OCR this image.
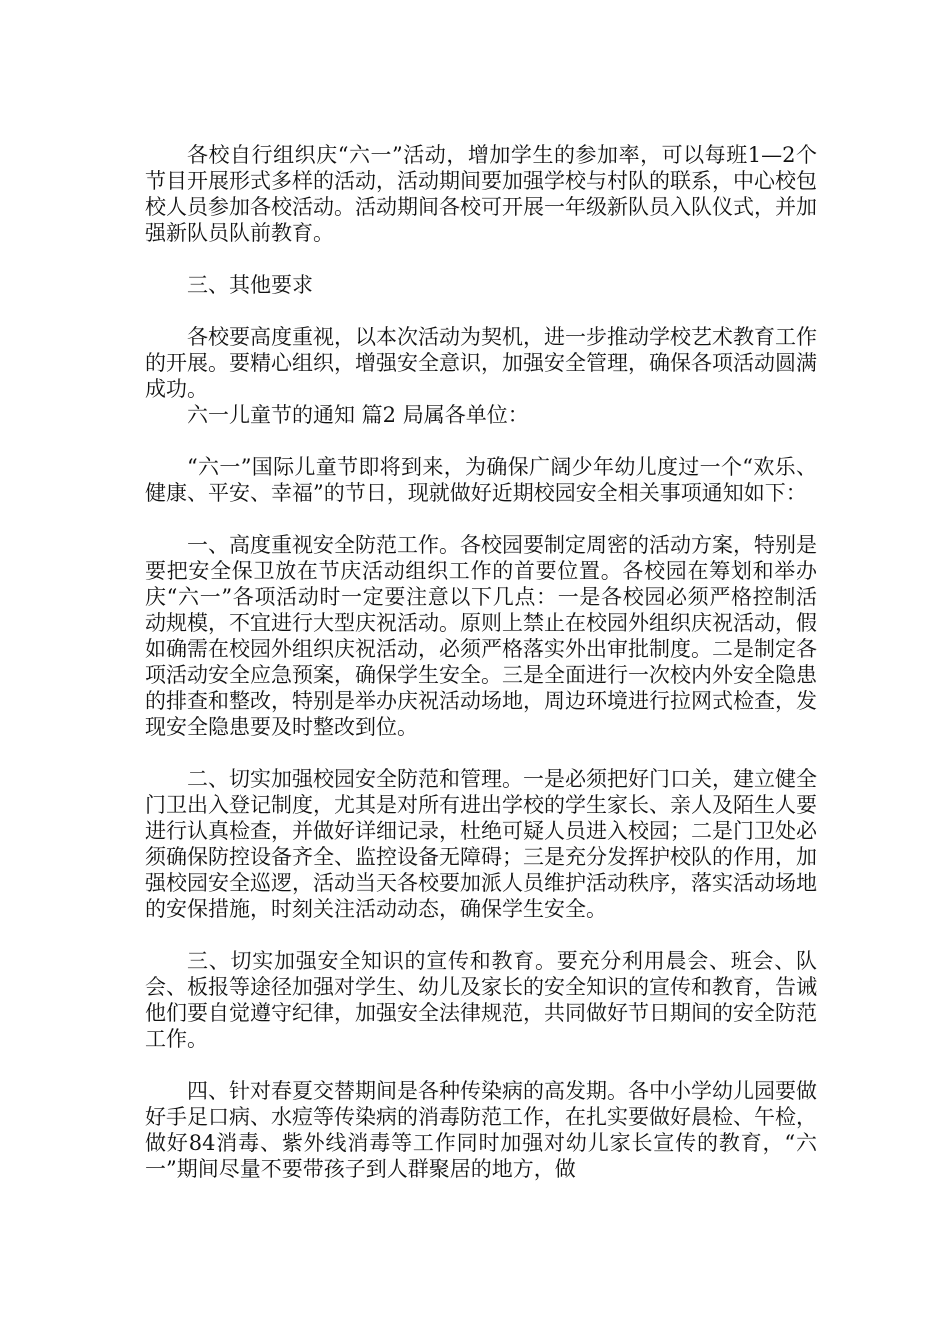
各校自行组织庆“六一”活动，增加学生的参加率，可以每班1—2个节目开展形式多样的活动，活动期间要加强学校与村队的联系，中心校包校人员参加各校活动。活动期间各校可开展一年级新队员入队仪式，并加强新队员队前教育。

三、其他要求

各校要高度重视，以本次活动为契机，进一步推动学校艺术教育工作的开展。要精心组织，增强安全意识，加强安全管理，确保各项活动圆满成功。

六一儿童节的通知 篇2 局属各单位：

“六一”国际儿童节即将到来，为确保广阔少年幼儿度过一个“欢乐、健康、平安、幸福”的节日，现就做好近期校园安全相关事项通知如下：

一、高度重视安全防范工作。各校园要制定周密的活动方案，特别是要把安全保卫放在节庆活动组织工作的首要位置。各校园在筹划和举办庆“六一”各项活动时一定要注意以下几点：一是各校园必须严格控制活动规模，不宜进行大型庆祝活动。原则上禁止在校园外组织庆祝活动，假如确需在校园外组织庆祝活动，必须严格落实外出审批制度。二是制定各项活动安全应急预案，确保学生安全。三是全面进行一次校内外安全隐患的排查和整改，特别是举办庆祝活动场地，周边环境进行拉网式检查，发现安全隐患要及时整改到位。

二、切实加强校园安全防范和管理。一是必须把好门口关，建立健全门卫出入登记制度，尤其是对所有进出学校的学生家长、亲人及陌生人要进行认真检查，并做好详细记录，杜绝可疑人员进入校园；二是门卫处必须确保防控设备齐全、监控设备无障碍；三是充分发挥护校队的作用，加强校园安全巡逻，活动当天各校要加派人员维护活动秩序，落实活动场地的安保措施，时刻关注活动动态，确保学生安全。

三、切实加强安全知识的宣传和教育。要充分利用晨会、班会、队会、板报等途径加强对学生、幼儿及家长的安全知识的宣传和教育，告诫他们要自觉遵守纪律，加强安全法律规范，共同做好节日期间的安全防范工作。

四、针对春夏交替期间是各种传染病的高发期。各中小学幼儿园要做好手足口病、水痘等传染病的消毒防范工作，在扎实要做好晨检、午检，做好84消毒、紫外线消毒等工作同时加强对幼儿家长宣传的教育，“六一”期间尽量不要带孩子到人群聚居的地方，做
